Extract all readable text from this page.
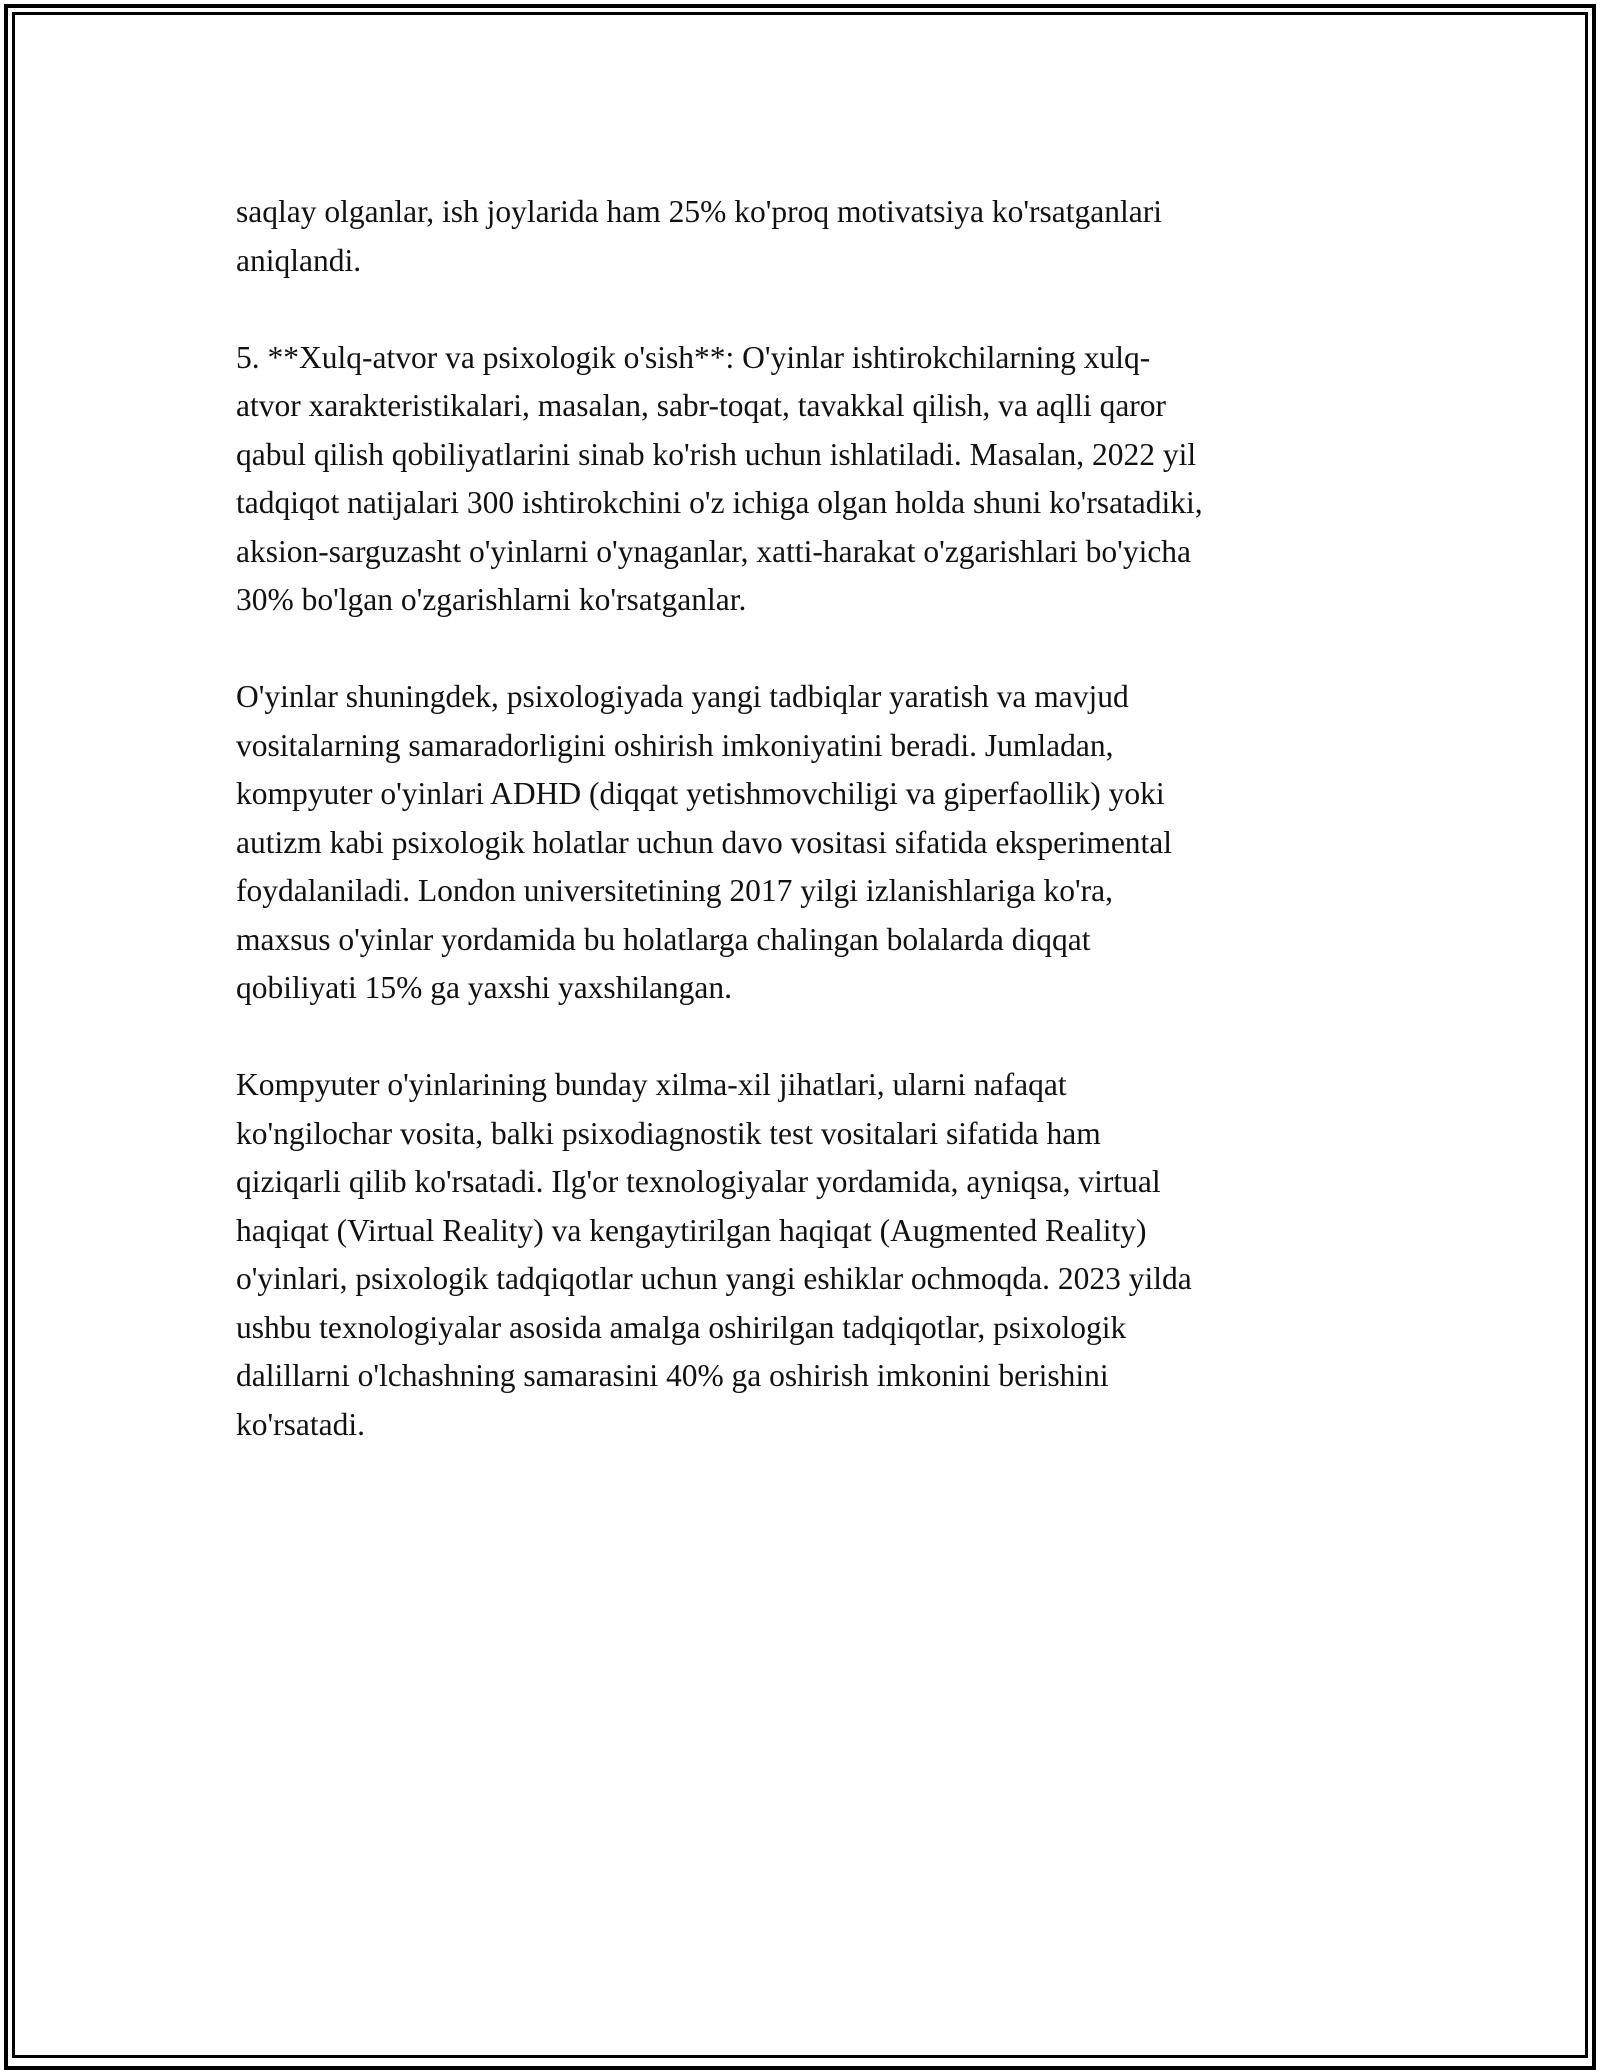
saqlay olganlar, ish joylarida ham 25% ko'proq motivatsiya ko'rsatganlari
aniqlandi.

5. **Xulq-atvor va psixologik o'sish**: O'yinlar ishtirokchilarning xulq-
atvor xarakteristikalari, masalan, sabr-toqat, tavakkal qilish, va aqlli qaror
qabul qilish qobiliyatlarini sinab ko'rish uchun ishlatiladi. Masalan, 2022 yil
tadqiqot natijalari 300 ishtirokchini o'z ichiga olgan holda shuni ko'rsatadiki,
aksion-sarguzasht o'yinlarni o'ynaganlar, xatti-harakat o'zgarishlari bo'yicha
30% bo'lgan o'zgarishlarni ko'rsatganlar.

O'yinlar shuningdek, psixologiyada yangi tadbiqlar yaratish va mavjud
vositalarning samaradorligini oshirish imkoniyatini beradi. Jumladan,
kompyuter o'yinlari ADHD (diqqat yetishmovchiligi va giperfaollik) yoki
autizm kabi psixologik holatlar uchun davo vositasi sifatida eksperimental
foydalaniladi. London universitetining 2017 yilgi izlanishlariga ko'ra,
maxsus o'yinlar yordamida bu holatlarga chalingan bolalarda diqqat
qobiliyati 15% ga yaxshi yaxshilangan.

Kompyuter o'yinlarining bunday xilma-xil jihatlari, ularni nafaqat
ko'ngilochar vosita, balki psixodiagnostik test vositalari sifatida ham
qiziqarli qilib ko'rsatadi. Ilg'or texnologiyalar yordamida, ayniqsa, virtual
haqiqat (Virtual Reality) va kengaytirilgan haqiqat (Augmented Reality)
o'yinlari, psixologik tadqiqotlar uchun yangi eshiklar ochmoqda. 2023 yilda
ushbu texnologiyalar asosida amalga oshirilgan tadqiqotlar, psixologik
dalillarni o'lchashning samarasini 40% ga oshirish imkonini berishini
ko'rsatadi.
